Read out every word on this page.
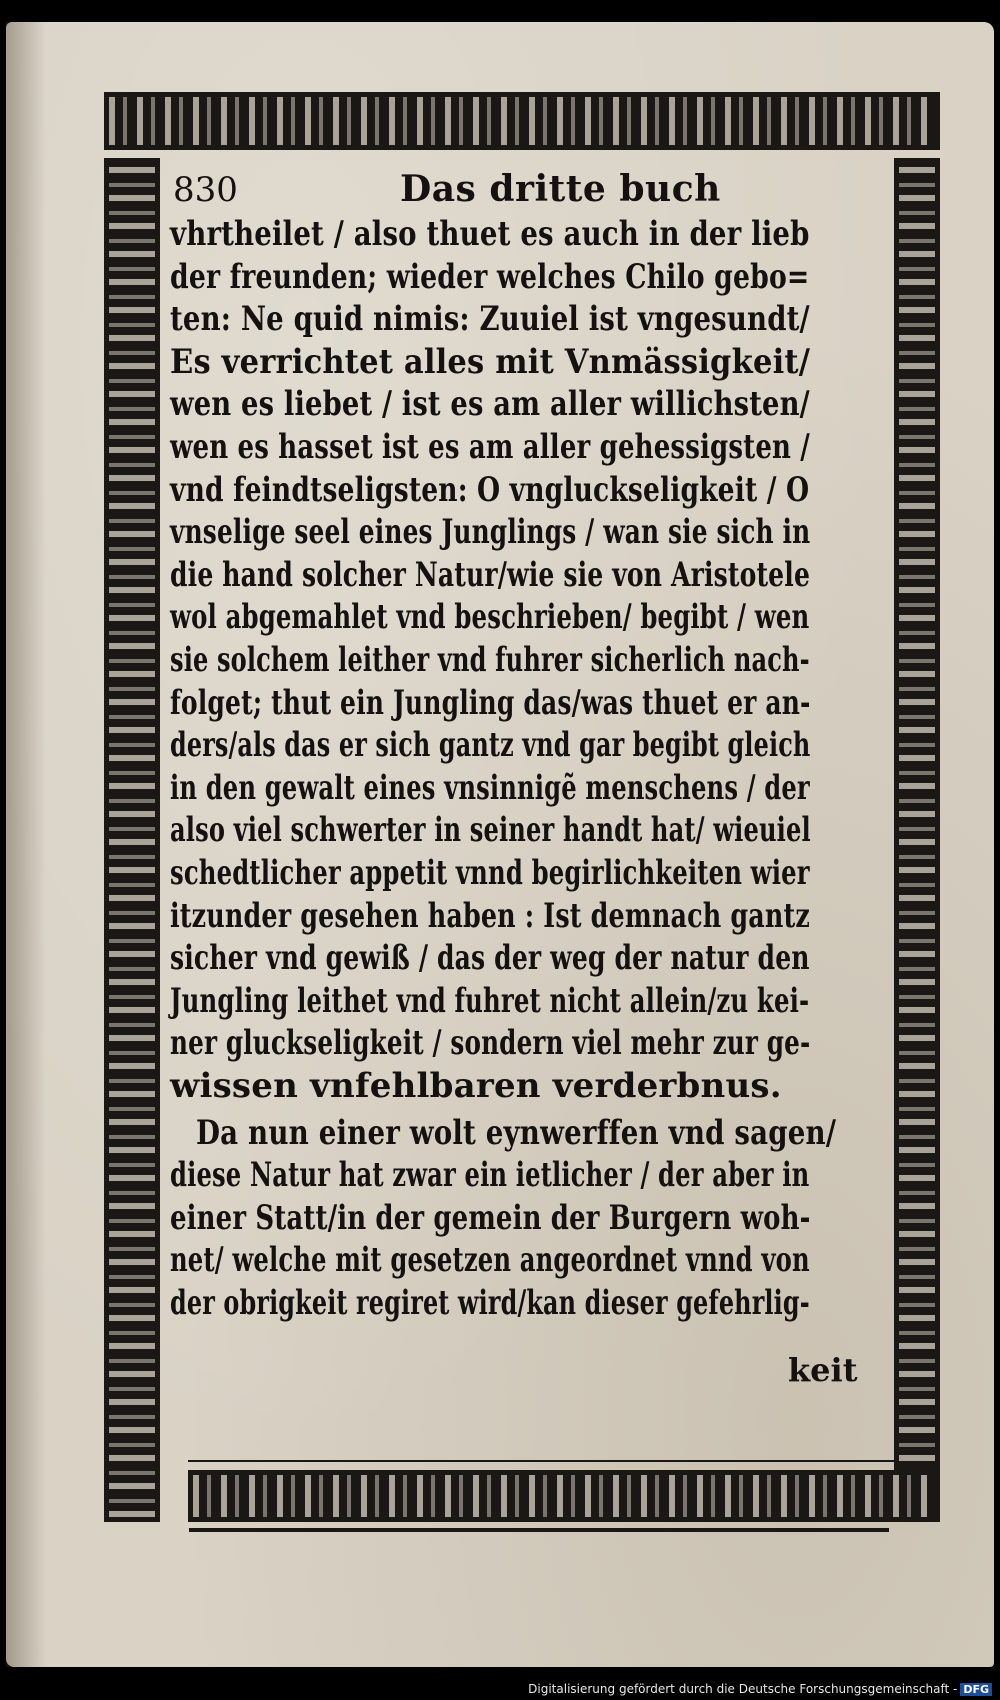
830	Das dritte buch
vhrtheilet / also thuet es auch in der lieb
der freunden; wieder welches Chilo gebo=
ten: Ne quid nimis: Zuuiel ist vngesundt/
Es verrichtet alles mit Vnmässigkeit/
wen es liebet / ist es am aller willichsten/
wen es hasset ist es am aller gehessigsten /
vnd feindtseligsten: O vngluckseligkeit / O
vnselige seel eines Junglings / wan sie sich in
die hand solcher Natur/wie sie von Aristotele
wol abgemahlet vnd beschrieben/ begibt / wen
sie solchem leither vnd fuhrer sicherlich nach-
folget; thut ein Jungling das/was thuet er an-
ders/als das er sich gantz vnd gar begibt gleich
in den gewalt eines vnsinnigẽ menschens / der
also viel schwerter in seiner handt hat/ wieuiel
schedtlicher appetit vnnd begirlichkeiten wier
itzunder gesehen haben : Ist demnach gantz
sicher vnd gewiß / das der weg der natur den
Jungling leithet vnd fuhret nicht allein/zu kei-
ner gluckseligkeit / sondern viel mehr zur ge-
wissen vnfehlbaren verderbnus.
Da nun einer wolt eynwerffen vnd sagen/
diese Natur hat zwar ein ietlicher / der aber in
einer Statt/in der gemein der Burgern woh-
net/ welche mit gesetzen angeordnet vnnd von
der obrigkeit regiret wird/kan dieser gefehrlig-
keit
Digitalisierung gefördert durch die Deutsche Forschungsgemeinschaft - DFG
